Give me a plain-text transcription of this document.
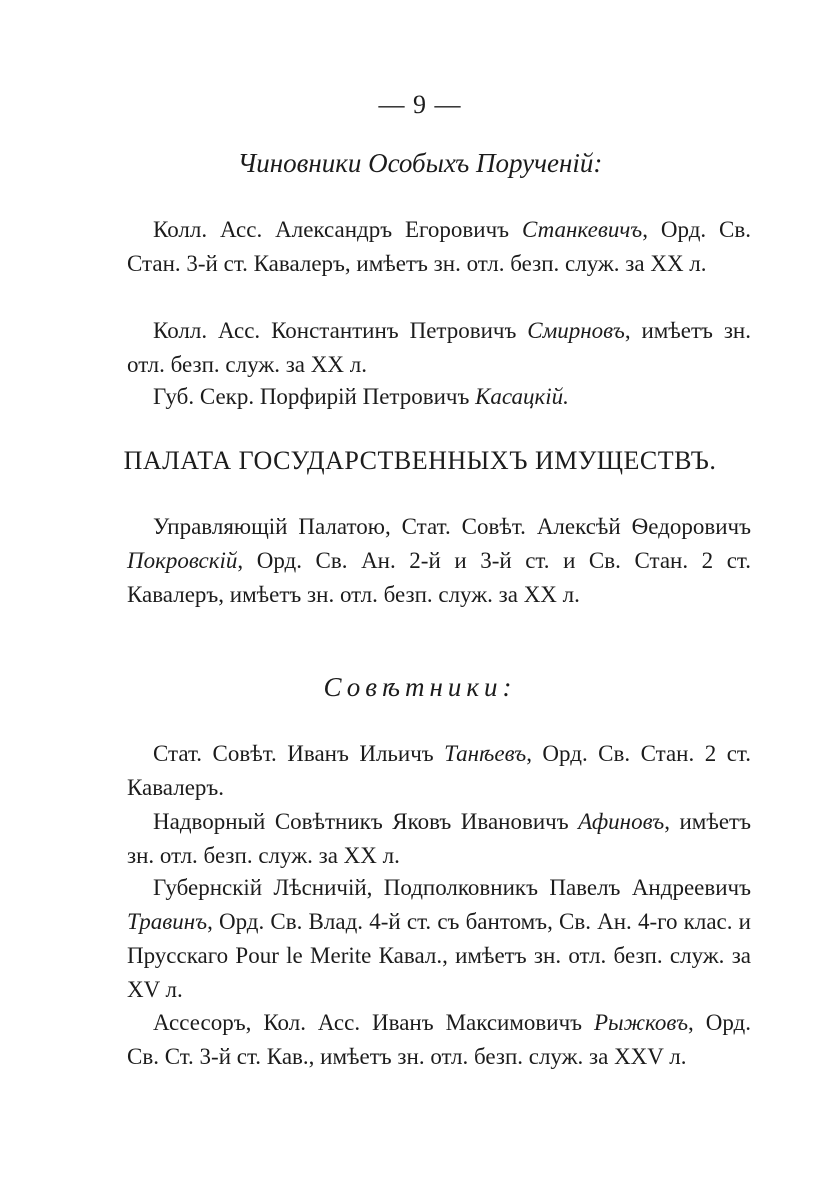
— 9 —
Чиновники Особыхъ Порученій:
Колл. Асс. Александръ Егоровичъ Станкевичъ, Орд. Св. Стан. 3-й ст. Кавалеръ, имѣетъ зн. отл. безп. служ. за XX л.
Колл. Асс. Константинъ Петровичъ Смирновъ, имѣетъ зн. отл. безп. служ. за XX л.
Губ. Секр. Порфирій Петровичъ Касацкій.
ПАЛАТА ГОСУДАРСТВЕННЫХЪ ИМУЩЕСТВЪ.
Управляющій Палатою, Стат. Совѣт. Алексѣй Ѳедоровичъ Покровскій, Орд. Св. Ан. 2-й и 3-й ст. и Св. Стан. 2 ст. Кавалеръ, имѣетъ зн. отл. безп. служ. за XX л.
Совѣтники:
Стат. Совѣт. Иванъ Ильичъ Танѣевъ, Орд. Св. Стан. 2 ст. Кавалеръ.
Надворный Совѣтникъ Яковъ Ивановичъ Афиновъ, имѣетъ зн. отл. безп. служ. за XX л.
Губернскій Лѣсничій, Подполковникъ Павелъ Андреевичъ Травинъ, Орд. Св. Влад. 4-й ст. съ бантомъ, Св. Ан. 4-го клас. и Прусскаго Pour le Merite Кавал., имѣетъ зн. отл. безп. служ. за XV л.
Ассесоръ, Кол. Асс. Иванъ Максимовичъ Рыжковъ, Орд. Св. Ст. 3-й ст. Кав., имѣетъ зн. отл. безп. служ. за XXV л.
